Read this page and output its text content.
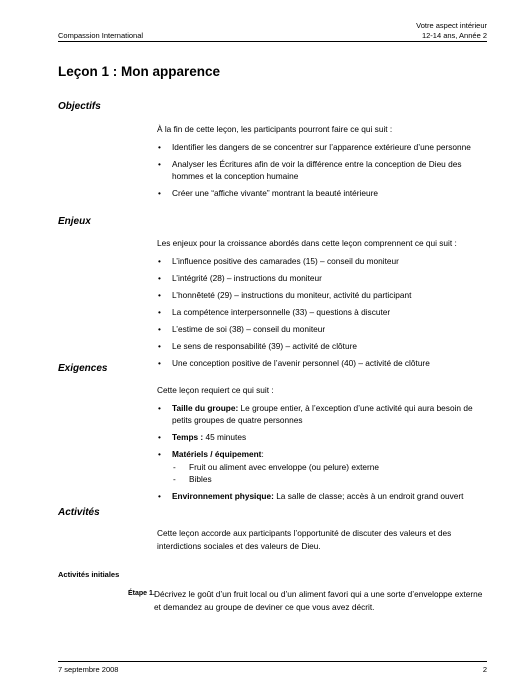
Compassion International
Votre aspect intérieur
12-14 ans, Année 2
Leçon 1 : Mon apparence
Objectifs

À la fin de cette leçon, les participants pourront faire ce qui suit :

• Identifier les dangers de se concentrer sur l’apparence extérieure d’une personne
• Analyser les Écritures afin de voir la différence entre la conception de Dieu des hommes et la conception humaine
• Créer une “affiche vivante” montrant la beauté intérieure
Enjeux

Les enjeux pour la croissance abordés dans cette leçon comprennent ce qui suit :

• L’influence positive des camarades (15) – conseil du moniteur
• L’intégrité (28) – instructions du moniteur
• L’honnêteté (29) – instructions du moniteur, activité du participant
• La compétence interpersonnelle (33) – questions à discuter
• L’estime de soi (38) – conseil du moniteur
• Le sens de responsabilité (39) – activité de clôture
• Une conception positive de l’avenir personnel (40) – activité de clôture
Exigences

Cette leçon requiert ce qui suit :

• Taille du groupe: Le groupe entier, à l’exception d’une activité qui aura besoin de petits groupes de quatre personnes
• Temps : 45 minutes
• Matériels / équipement:
- Fruit ou aliment avec enveloppe (ou pelure) externe
- Bibles
• Environnement physique: La salle de classe; accès à un endroit grand ouvert
Activités

Cette leçon accorde aux participants l’opportunité de discuter des valeurs et des interdictions sociales et des valeurs de Dieu.

Activités initiales
Étape 1. Décrivez le goût d’un fruit local ou d’un aliment favori qui a une sorte d’enveloppe externe et demandez au groupe de deviner ce que vous avez décrit.
7 septembre 2008	2
